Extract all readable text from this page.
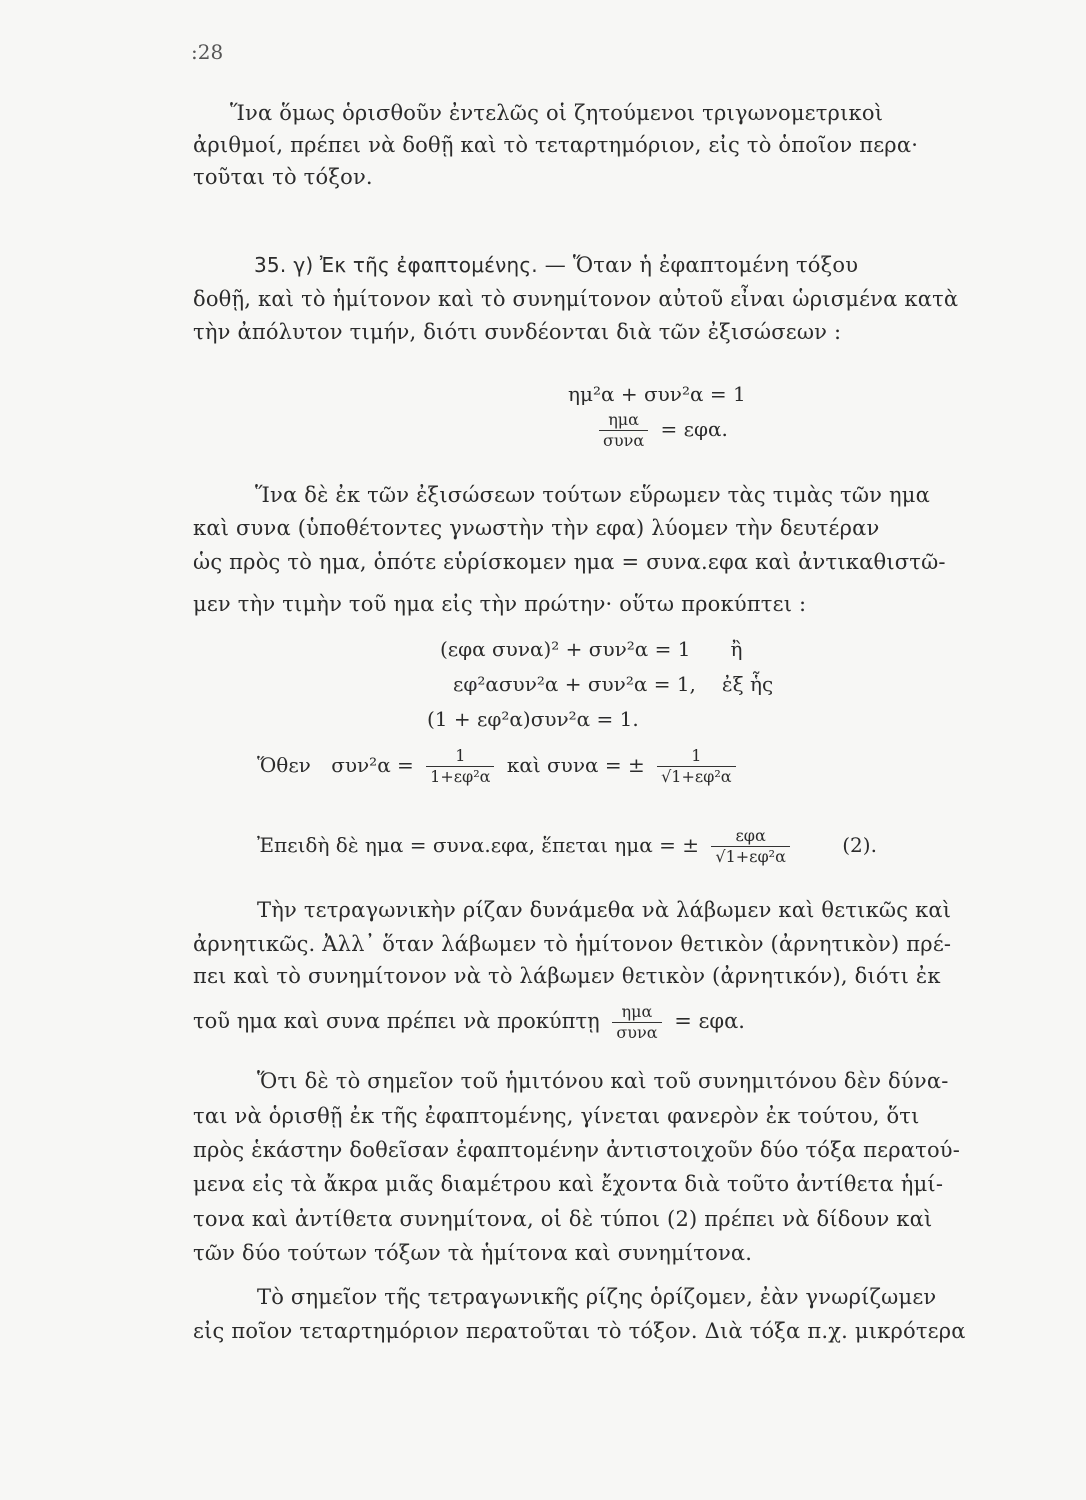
:28
Ἵνα ὅμως ὁρισθοῦν ἐντελῶς οἱ ζητούμενοι τριγωνομετρικοὶ
ἀριθμοί, πρέπει νὰ δοθῇ καὶ τὸ τεταρτημόριον, εἰς τὸ ὁποῖον περα·
τοῦται τὸ τόξον.
35. γ) Ἐκ τῆς ἐφαπτομένης. — Ὅταν ἡ ἐφαπτομένη τόξου
δοθῇ, καὶ τὸ ἡμίτονον καὶ τὸ συνημίτονον αὐτοῦ εἶναι ὡρισμένα κατὰ
τὴν ἀπόλυτον τιμήν, διότι συνδέονται διὰ τῶν ἐξισώσεων :
ημ²α + συν²α = 1
$\frac{\text{ημα}}{\text{συνα}} = \varepsilon\varphi\alpha$.
Ἵνα δὲ ἐκ τῶν ἐξισώσεων τούτων εὕρωμεν τὰς τιμὰς τῶν ημα
καὶ συνα (ὑποθέτοντες γνωστὴν τὴν εφα) λύομεν τὴν δευτέραν
ὡς πρὸς τὸ ημα, ὁπότε εὑρίσκομεν ημα = συνα.εφα καὶ ἀντικαθιστῶ-
μεν τὴν τιμὴν τοῦ ημα εἰς τὴν πρώτην· οὕτω προκύπτει :
(εφα συνα)² + συν²α = 1 ἢ
εφ²ασυν²α + συν²α = 1, ἐξ ἧς
(1 + εφ²α)συν²α = 1.
Ὅθεν $\sigma\upsilon\nu^2\alpha = \frac{1}{\text{1+εφ²α}}$ καὶ συνα = ± $\frac{1}{\text{√1+εφ²α}}$
Ἐπειδὴ δὲ ημα = συνα.εφα, ἕπεται ημα = ± $\frac{\text{εφα}}{\text{√1+εφ²α}}$	(2).
Τὴν τετραγωνικὴν ρίζαν δυνάμεθα νὰ λάβωμεν καὶ θετικῶς καὶ
ἀρνητικῶς. Ἀλλ᾽ ὅταν λάβωμεν τὸ ἡμίτονον θετικὸν (ἀρνητικὸν) πρέ-
πει καὶ τὸ συνημίτονον νὰ τὸ λάβωμεν θετικὸν (ἀρνητικόν), διότι ἐκ
τοῦ ημα καὶ συνα πρέπει νὰ προκύπτῃ $\frac{\text{ημα}}{\text{συνα}} = \varepsilon\varphi\alpha$.
Ὅτι δὲ τὸ σημεῖον τοῦ ἡμιτόνου καὶ τοῦ συνημιτόνου δὲν δύνα-
ται νὰ ὁρισθῇ ἐκ τῆς ἐφαπτομένης, γίνεται φανερὸν ἐκ τούτου, ὅτι
πρὸς ἑκάστην δοθεῖσαν ἐφαπτομένην ἀντιστοιχοῦν δύο τόξα περατού-
μενα εἰς τὰ ἄκρα μιᾶς διαμέτρου καὶ ἔχοντα διὰ τοῦτο ἀντίθετα ἡμί-
τονα καὶ ἀντίθετα συνημίτονα, οἱ δὲ τύποι (2) πρέπει νὰ δίδουν καὶ
τῶν δύο τούτων τόξων τὰ ἡμίτονα καὶ συνημίτονα.
Τὸ σημεῖον τῆς τετραγωνικῆς ρίζης ὁρίζομεν, ἐὰν γνωρίζωμεν
εἰς ποῖον τεταρτημόριον περατοῦται τὸ τόξον. Διὰ τόξα π.χ. μικρότερα
